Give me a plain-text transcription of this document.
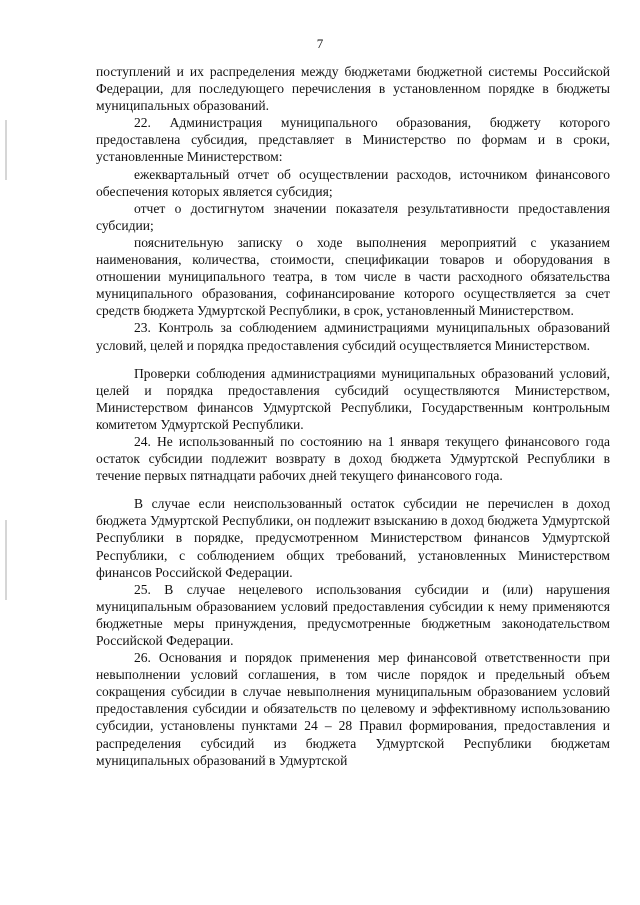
7

поступлений и их распределения между бюджетами бюджетной системы Российской Федерации, для последующего перечисления в установленном порядке в бюджеты муниципальных образований.

22. Администрация муниципального образования, бюджету которого предоставлена субсидия, представляет в Министерство по формам и в сроки, установленные Министерством:

ежеквартальный отчет об осуществлении расходов, источником финансового обеспечения которых является субсидия;

отчет о достигнутом значении показателя результативности предоставления субсидии;

пояснительную записку о ходе выполнения мероприятий с указанием наименования, количества, стоимости, спецификации товаров и оборудования в отношении муниципального театра, в том числе в части расходного обязательства муниципального образования, софинансирование которого осуществляется за счет средств бюджета Удмуртской Республики, в срок, установленный Министерством.

23. Контроль за соблюдением администрациями муниципальных образований условий, целей и порядка предоставления субсидий осуществляется Министерством.

Проверки соблюдения администрациями муниципальных образований условий, целей и порядка предоставления субсидий осуществляются Министерством, Министерством финансов Удмуртской Республики, Государственным контрольным комитетом Удмуртской Республики.

24. Не использованный по состоянию на 1 января текущего финансового года остаток субсидии подлежит возврату в доход бюджета Удмуртской Республики в течение первых пятнадцати рабочих дней текущего финансового года.

В случае если неиспользованный остаток субсидии не перечислен в доход бюджета Удмуртской Республики, он подлежит взысканию в доход бюджета Удмуртской Республики в порядке, предусмотренном Министерством финансов Удмуртской Республики, с соблюдением общих требований, установленных Министерством финансов Российской Федерации.

25. В случае нецелевого использования субсидии и (или) нарушения муниципальным образованием условий предоставления субсидии к нему применяются бюджетные меры принуждения, предусмотренные бюджетным законодательством Российской Федерации.

26. Основания и порядок применения мер финансовой ответственности при невыполнении условий соглашения, в том числе порядок и предельный объем сокращения субсидии в случае невыполнения муниципальным образованием условий предоставления субсидии и обязательств по целевому и эффективному использованию субсидии, установлены пунктами 24 – 28 Правил формирования, предоставления и распределения субсидий из бюджета Удмуртской Республики бюджетам муниципальных образований в Удмуртской
